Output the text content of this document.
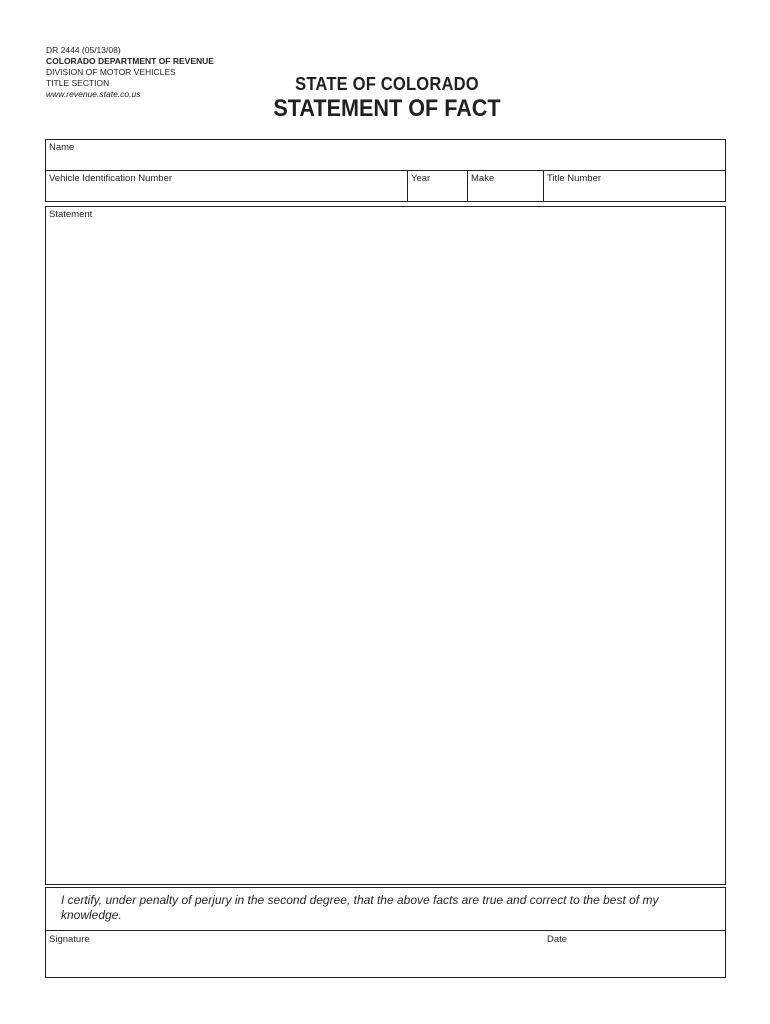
DR 2444 (05/13/08)
COLORADO DEPARTMENT OF REVENUE
DIVISION OF MOTOR VEHICLES
TITLE SECTION
www.revenue.state.co.us	STATE OF COLORADO
STATEMENT OF FACT
Name
Vehicle Identification Number	Year	Make	Title Number
Statement
I certify, under penalty of perjury in the second degree, that the above facts are true and correct to the best of my knowledge.
Signature	Date
